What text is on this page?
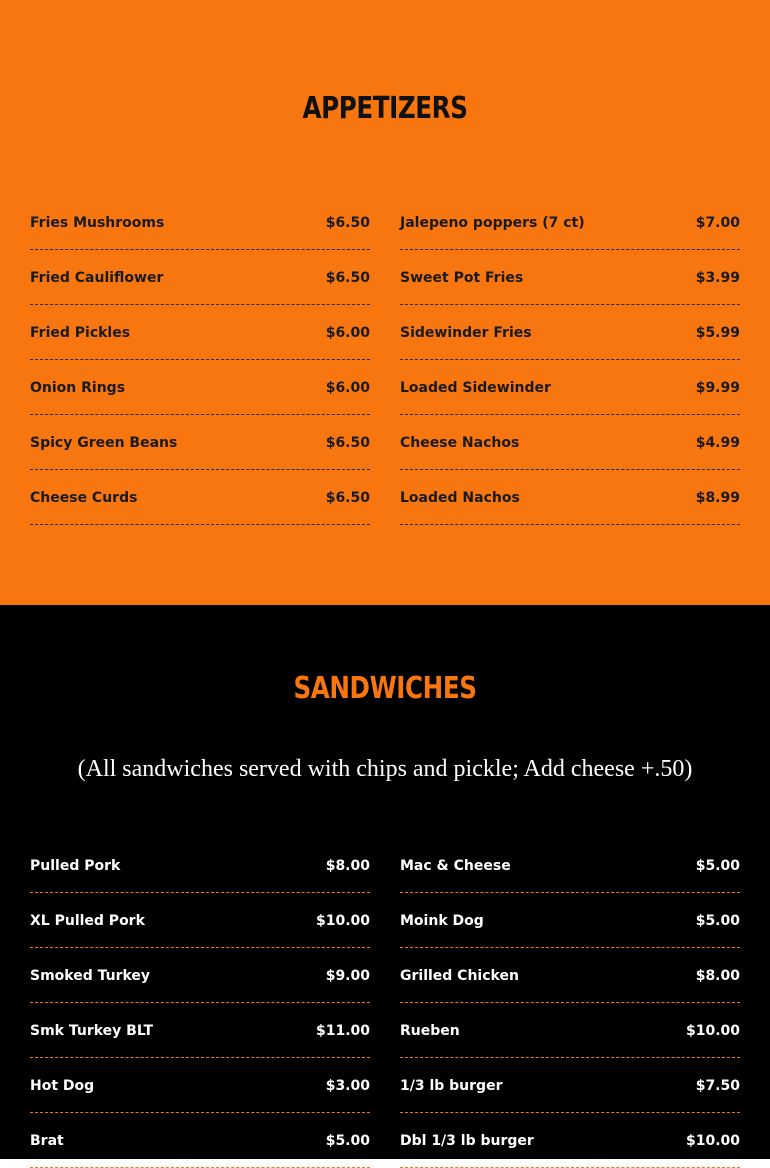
APPETIZERS
Fries Mushrooms	$6.50
Fried Cauliflower	$6.50
Fried Pickles	$6.00
Onion Rings	$6.00
Spicy Green Beans	$6.50
Cheese Curds	$6.50
Jalepeno poppers (7 ct)	$7.00
Sweet Pot Fries	$3.99
Sidewinder Fries	$5.99
Loaded Sidewinder	$9.99
Cheese Nachos	$4.99
Loaded Nachos	$8.99
SANDWICHES
(All sandwiches served with chips and pickle; Add cheese +.50)
Pulled Pork	$8.00
XL Pulled Pork	$10.00
Smoked Turkey	$9.00
Smk Turkey BLT	$11.00
Hot Dog	$3.00
Brat	$5.00
Mac & Cheese	$5.00
Moink Dog	$5.00
Grilled Chicken	$8.00
Rueben	$10.00
1/3 lb burger	$7.50
Dbl 1/3 lb burger	$10.00
